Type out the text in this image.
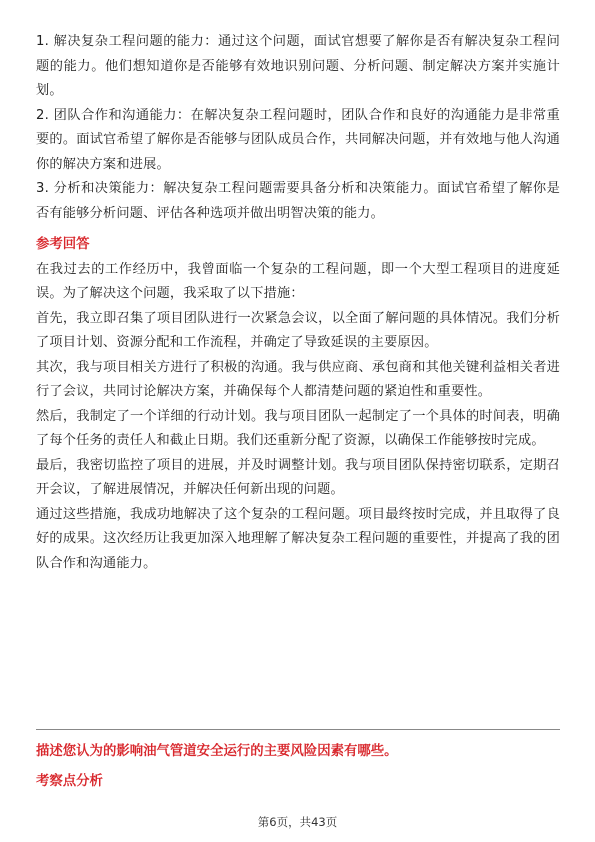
1. 解决复杂工程问题的能力：通过这个问题，面试官想要了解你是否有解决复杂工程问题的能力。他们想知道你是否能够有效地识别问题、分析问题、制定解决方案并实施计划。

2. 团队合作和沟通能力：在解决复杂工程问题时，团队合作和良好的沟通能力是非常重要的。面试官希望了解你是否能够与团队成员合作，共同解决问题，并有效地与他人沟通你的解决方案和进展。

3. 分析和决策能力：解决复杂工程问题需要具备分析和决策能力。面试官希望了解你是否有能够分析问题、评估各种选项并做出明智决策的能力。

参考回答

在我过去的工作经历中，我曾面临一个复杂的工程问题，即一个大型工程项目的进度延误。为了解决这个问题，我采取了以下措施：

首先，我立即召集了项目团队进行一次紧急会议，以全面了解问题的具体情况。我们分析了项目计划、资源分配和工作流程，并确定了导致延误的主要原因。

其次，我与项目相关方进行了积极的沟通。我与供应商、承包商和其他关键利益相关者进行了会议，共同讨论解决方案，并确保每个人都清楚问题的紧迫性和重要性。

然后，我制定了一个详细的行动计划。我与项目团队一起制定了一个具体的时间表，明确了每个任务的责任人和截止日期。我们还重新分配了资源，以确保工作能够按时完成。

最后，我密切监控了项目的进展，并及时调整计划。我与项目团队保持密切联系，定期召开会议，了解进展情况，并解决任何新出现的问题。

通过这些措施，我成功地解决了这个复杂的工程问题。项目最终按时完成，并且取得了良好的成果。这次经历让我更加深入地理解了解决复杂工程问题的重要性，并提高了我的团队合作和沟通能力。

描述您认为的影响油气管道安全运行的主要风险因素有哪些。
考察点分析
第6页，共43页
